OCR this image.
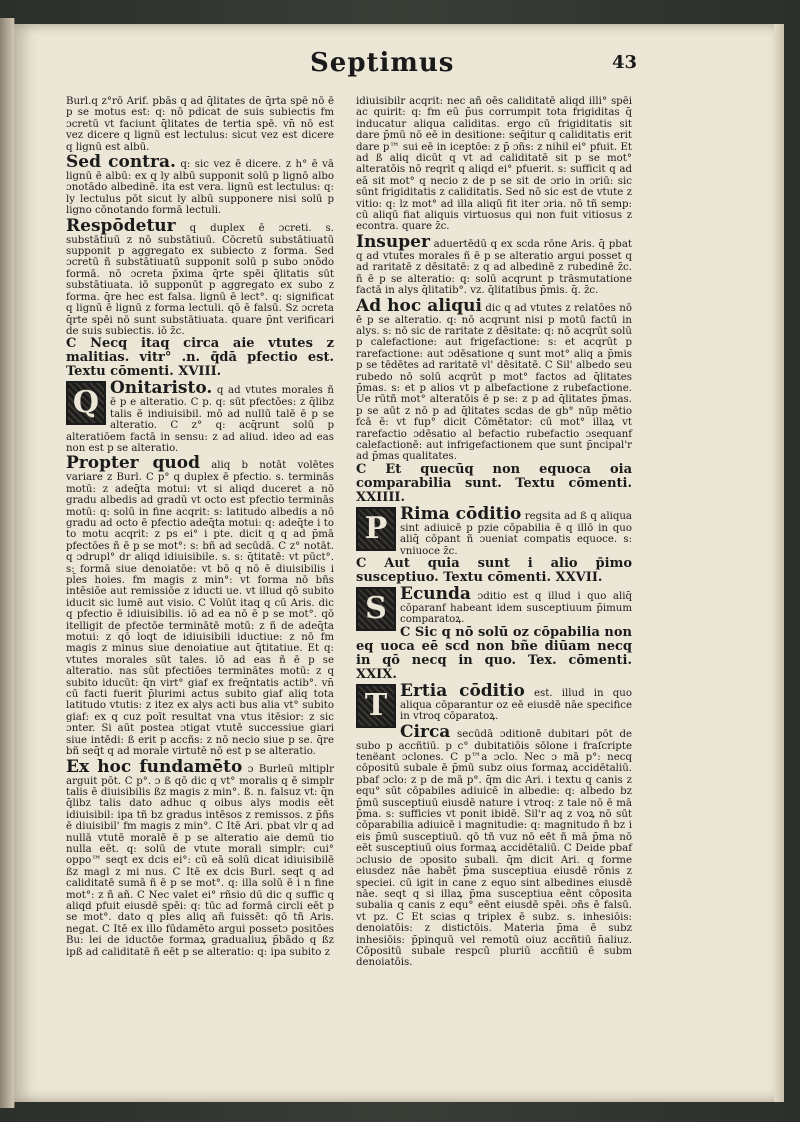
Septimus	43

Burl.q z°rō Arif. pbās q ad q̄litates de q̄rta spē nō ē p se motus est: q: nō pdicat de suis subiectis fm ɔcretū vt faciunt q̄litates de tertia spē. vn̄ nō est vez dicere q lignū est lectulus: sicut vez est dicere q lignū est albū.

Sed contra. q: sic vez ē dicere. z h° ē vā lignū ē albū: ex q ly albū supponit solū p lignō albo ɔnotādo albedinē. ita est vera. lignū est lectulus: q: ly lectulus pōt sicut ly albū supponere nisi solū p ligno cōnotando formā lectuli.

Respōdetur q duplex ē ɔcreti. s. substātiuū z nō substātiuū. Cōcretū substātiuatū supponit p aggregato ex subiecto z forma. Sed ɔcretū ñ substātiuatū supponit solū p subo ɔnōdo formā. nō ɔcreta p̄xima q̄rte spēi q̄litatis sūt substātiuata. iō supponūt p aggregato ex subo z forma. q̄re hec est falsa. lignū ē lect°. q: significat q lignū ē lignū z forma lectuli. qō ē falsū. Sz ɔcreta q̄rte spēi nō sunt substātiuata. quare p̄nt verificari de suis subiectis. iō z̄c.

C Necq itaq circa aie vtutes z malitias. vitr° .n. q̄dā pfectio est. Textu cōmenti. XVIII.

Q Onitaristo. q ad vtutes morales ñ ē p e alteratio. C p. q: sūt pfectōes: z q̄libz talis ē indiuisibil. mō ad nullū talē ē p se alteratio. C z° q: acq̄runt solū p alteratiōem factā in sensu: z ad aliud. ideo ad eas non est p se alteratio.

Propter quod aliq b notāt volētes variare z Burl. C p° q duplex ē pfectio. s. terminās motū: z adeq̄ta motui: vt si aliqd duceret a nō gradu albedis ad gradū vt octo est pfectio terminās motū: q: solū in fine acqrit: s: latitudo albedis a nō gradu ad octo ē pfectio adeq̄ta motui: q: adeq̄te i to to motu acqrit: z ps ei° i pte. dicit q q ad p̄mā pfectōes ñ ē p se mot°: s: bñ ad secūdā. C z° notāt. q ɔdrupl° dr aliqd idiuisibile. s. s: q̄titatē: vt pūct°. s: formā siue denoiatōe: vt bō q nō ē diuisibilis i pl̄es hoies. fm magis z min°: vt forma nō bñs intēsiōe aut remissiōe z iducti ue. vt illud qō subito iducit sic lumē aut visio. C Volūt itaq q cū Aris. dic q pfectio ē idiuisibilis. iō ad ea nō ē p se mot°. qō itelligit de pfectōe terminātē motū: z ñ de adeq̄ta motui: z qō loqt de idiuisibili iductiue: z nō fm magis z minus siue denoiatiue aut q̄titatiue. Et q: vtutes morales sūt tales. iō ad eas ñ ē p se alteratio. nas sūt pfectiōes terminātes motū: z q subito iducūt: q̄n virt° giaf ex freq̄ntatis actib°. vn̄ cū facti fuerit p̄lurimi actus subito giaf aliq tota latitudo vtutis: z itez ex alys acti bus alia vt° subito giaf: ex q cuz poīt resultat vna vtus itēsior: z sic ɔnter. Si aūt postea ɔtigat vtutē successiue giari siue intēdi: ß erit p accñs: z nō necio siue p se. q̄re bñ seq̄t q ad morale virtutē nō est p se alteratio.

Ex hoc fundamēto ɔ Burleū mltiplr arguit pōt. C p°. ɔ ß qō dic q vt° moralis q ē simplr talis ē diuisibilis ßz magis z min°. ß. n. falsuz vt: q̄n q̄libz talis dato adhuc q oibus alys modis eēt idiuisibil: ipa tñ bz gradus intēsos z remissos. z p̄ñs ē diuisibil' fm magis z min°. C Itē Ari. pbat vlr q ad nullā vtutē moralē ē p se alteratio aie demū tio nulla eēt. q: solū de vtute morali simplr: cui° oppo™ seqt ex dcis ei°: cū eā solū dicat idiuisibilē ßz magl z mi nus. C Itē ex dcis Burl. seqt q ad caliditatē sumā ñ ē p se mot°. q: illa solū ē i n fine mot°: z ñ añ. C Nec valet ei° rñsio dū dic q suffic q aliqd pfuit eiusdē spēi: q: tūc ad formā circli eēt p se mot°. dato q pl̄es aliq añ fuissēt: qō tñ Aris. negat. C Itē ex illo fūdamēto argui possetɔ positōes Bu: lei de iductōe formaꝝ gradualiuꝝ p̄bādo q ßz ipß ad caliditatē ñ eēt p se alteratio: q: ipa subito z

idiuisibilr acqrit: nec añ oēs caliditatē aliqd illi° spēi ac quirit: q: fm eū p̄us corrumpit tota frigiditas q̄ inducatur aliqua caliditas. ergo cū frigiditatis sit dare p̄mū nō eē in desitione: seq̄itur q caliditatis erit dare p™ sui eē in iceptōe: z p̄ ɔñs: z nihil ei° pfuit. Et ad ß aliq dicūt q vt ad caliditatē sit p se mot° alteratōis nō reqrit q aliqd ei° pfuerit. s: sufficit q ad eā sit mot° q necio z de p se sit de ɔrio in ɔriū: sic sūnt frigiditatis z caliditatis. Sed nō sic est de vtute z vitio: q: lz mot° ad illa aliqū fit iter ɔria. nō tñ semp: cū aliqū fiat aliquis virtuosus qui non fuit vitiosus z econtra. quare z̄c.

Insuper aduertēdū q ex scda rōne Aris. q̄ pbat q ad vtutes morales ñ ē p se alteratio argui posset q ad raritatē z dēsitatē: z q ad albedinē z rubedinē z̄c. ñ ē p se alteratio: q: solū acqrunt p trāsmutatione factā in alys q̄litatib°. vz. q̄litatibus p̄mis. q̄. z̄c.

Ad hoc aliqui dic q ad vtutes z relatōes nō ē p se alteratio. q: nō acqrunt nisi p motū factū in alys. s: nō sic de raritate z dēsitate: q: nō acqrūt solū p calefactione: aut frigefactione: s: et acqrūt p rarefactione: aut ɔdēsatione q sunt mot° aliq a p̄mis p se tēdētes ad raritatē vl' dēsitatē. C Sil' albedo seu rubedo nō solū acqrūt p mot° factos ad q̄litates p̄mas. s: et p alios vt p albefactione z rubefactione. Ue rūtñ mot° alteratōis ē p se: z p ad q̄litates p̄mas. p se aūt z nō p ad q̄litates scdas de gb° nūp mētio fcā ē: vt fup° dicit Cōmētator: cū mot° illaꝝ vt rarefactio ɔdēsatio al befactio rubefactio ɔsequanf calefactionē: aut infrigefactionem que sunt p̄ncipal'r ad p̄mas qualitates.

C Et quecūq non equoca oia comparabilia sunt. Textu cōmenti. XXIIII.

P Rima cōditio regsita ad ß q aliqua sint adiuicē p pzie cōpabilia ē q illō in quo aliq̄ cōpant ñ ɔueniat compatis equoce. s: vniuoce z̄c.

C Aut quia sunt i alio p̄imo susceptiuo. Textu cōmenti. XXVII.

S Ecunda ɔditio est q illud i quo aliq̄ cōparanf habeant idem susceptiuum p̄imum comparatoꝝ.

C Sic q nō solū oz cōpabilia non eq uoca eē scd non bñe diūam necq in qō necq in quo. Tex. cōmenti. XXIX.

T Ertia cōditio est. illud in quo aliqua cōparantur oz eē eiusdē nāe specifice in vtroq cōparatoꝝ.

Circa secūdā ɔditionē dubitari pōt de subo p accñtiū. p c° dubitatiōis sōlone i fraſcripte tenëant ɔclones. C p™a ɔclo. Nec ɔ mā p°: necq cōpositū subale ē p̄mū subz oius formaꝝ accidētaliū. pbaf ɔclo: z p de mā p°. q̄m dic Ari. i textu q canis z equ° sūt cōpabiles adiuicē in albedie: q: albedo bz p̄mū susceptiuū eiusdē nature i vtroq: z tale nō ē mā p̄ma. s: sufficies vt ponit ibidē. Sil'r aq z voꝝ nō sūt cōparabilia adiuicē i magnitudie: q: magnitudo ñ bz i eis p̄mū susceptiuū. qō tñ vuz nō eēt ñ mā p̄ma nō eēt susceptiuū oius formaꝝ accidētaliū. C Deide pbaf ɔclusio de ɔposito subali. q̄m dicit Ari. q forme eiusdez nāe habēt p̄ma susceptiua eiusdē rōnis z speciei. cū igit in cane z equo sint albedines eiusdē nāe. seqt q si illaꝝ p̄ma susceptiua eēnt cōposita subalia q canis z equ° eēnt eiusdē spēi. ɔñs ē falsū. vt pz. C Et scias q triplex ē subz. s. inhesiōis: denoiatōis: z distictōis. Materia p̄ma ē subz inhesiōis: p̄pinquū vel remotū oiuz accñtiū n̄aliuz. Cōpositū subale respcū pluriū accñtiū ē subm denoiatōis.
